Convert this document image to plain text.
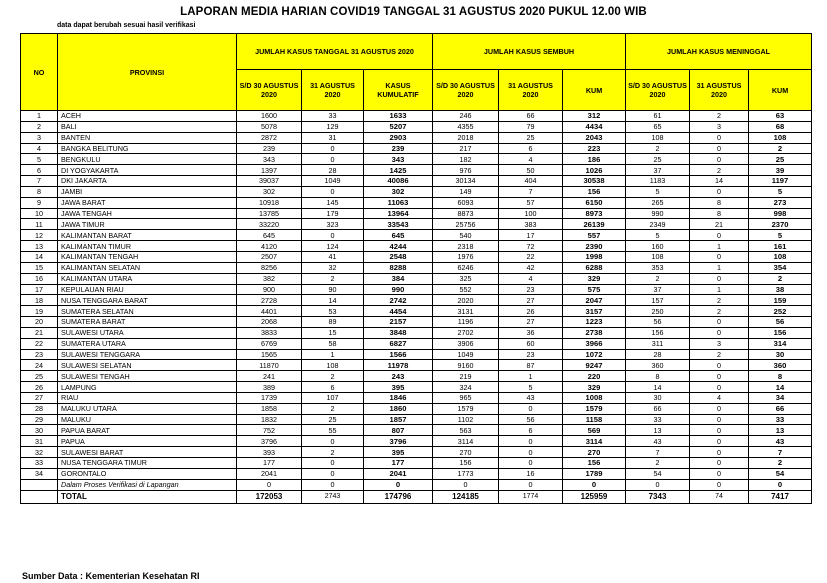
LAPORAN MEDIA HARIAN COVID19 TANGGAL 31 AGUSTUS 2020 PUKUL 12.00 WIB
data dapat berubah sesuai hasil verifikasi
NO	PROVINSI	JUMLAH KASUS TANGGAL 31 AGUSTUS 2020			JUMLAH KASUS SEMBUH			JUMLAH KASUS MENINGGAL		
		S/D 30 AGUSTUS 2020	31 AGUSTUS 2020	KASUS KUMULATIF	S/D 30 AGUSTUS 2020	31 AGUSTUS 2020	KUM	S/D 30 AGUSTUS 2020	31 AGUSTUS 2020	KUM
1	ACEH	1600	33	1633	246	66	312	61	2	63
2	BALI	5078	129	5207	4355	79	4434	65	3	68
3	BANTEN	2872	31	2903	2018	25	2043	108	0	108
4	BANGKA BELITUNG	239	0	239	217	6	223	2	0	2
5	BENGKULU	343	0	343	182	4	186	25	0	25
6	DI YOGYAKARTA	1397	28	1425	976	50	1026	37	2	39
7	DKI JAKARTA	39037	1049	40086	30134	404	30538	1183	14	1197
8	JAMBI	302	0	302	149	7	156	5	0	5
9	JAWA BARAT	10918	145	11063	6093	57	6150	265	8	273
10	JAWA TENGAH	13785	179	13964	8873	100	8973	990	8	998
11	JAWA TIMUR	33220	323	33543	25756	383	26139	2349	21	2370
12	KALIMANTAN BARAT	645	0	645	540	17	557	5	0	5
13	KALIMANTAN TIMUR	4120	124	4244	2318	72	2390	160	1	161
14	KALIMANTAN TENGAH	2507	41	2548	1976	22	1998	108	0	108
15	KALIMANTAN SELATAN	8256	32	8288	6246	42	6288	353	1	354
16	KALIMANTAN UTARA	382	2	384	325	4	329	2	0	2
17	KEPULAUAN RIAU	900	90	990	552	23	575	37	1	38
18	NUSA TENGGARA BARAT	2728	14	2742	2020	27	2047	157	2	159
19	SUMATERA SELATAN	4401	53	4454	3131	26	3157	250	2	252
20	SUMATERA BARAT	2068	89	2157	1196	27	1223	56	0	56
21	SULAWESI UTARA	3833	15	3848	2702	36	2738	156	0	156
22	SUMATERA UTARA	6769	58	6827	3906	60	3966	311	3	314
23	SULAWESI TENGGARA	1565	1	1566	1049	23	1072	28	2	30
24	SULAWESI SELATAN	11870	108	11978	9160	87	9247	360	0	360
25	SULAWESI TENGAH	241	2	243	219	1	220	8	0	8
26	LAMPUNG	389	6	395	324	5	329	14	0	14
27	RIAU	1739	107	1846	965	43	1008	30	4	34
28	MALUKU UTARA	1858	2	1860	1579	0	1579	66	0	66
29	MALUKU	1832	25	1857	1102	56	1158	33	0	33
30	PAPUA BARAT	752	55	807	563	6	569	13	0	13
31	PAPUA	3796	0	3796	3114	0	3114	43	0	43
32	SULAWESI BARAT	393	2	395	270	0	270	7	0	7
33	NUSA TENGGARA TIMUR	177	0	177	156	0	156	2	0	2
34	GORONTALO	2041	0	2041	1773	16	1789	54	0	54
	Dalam Proses Verifikasi di Lapangan	0	0	0	0	0	0	0	0	0
	TOTAL	172053	2743	174796	124185	1774	125959	7343	74	7417
Sumber Data : Kementerian Kesehatan RI
